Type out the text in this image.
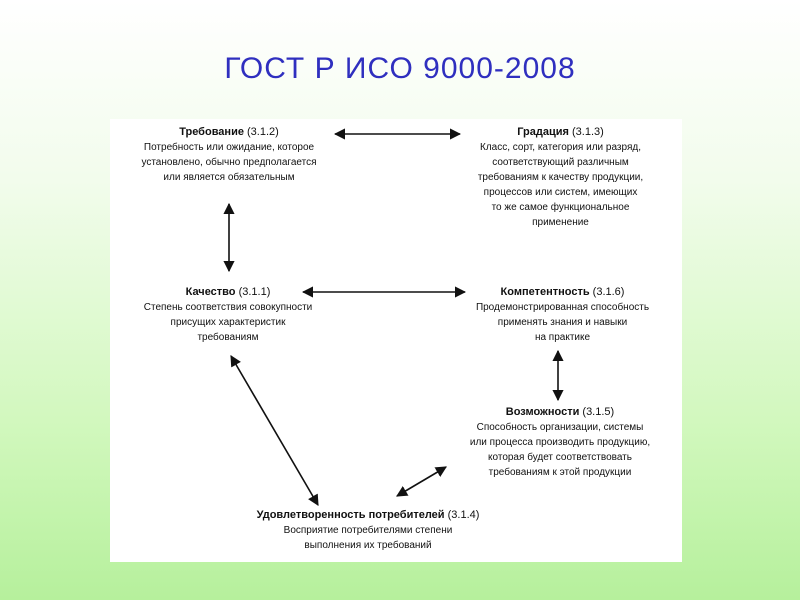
ГОСТ Р ИСО 9000-2008
Требование (3.1.2)
Потребность или ожидание, которое
установлено, обычно предполагается
или является обязательным
Градация (3.1.3)
Класс, сорт, категория или разряд,
соответствующий различным
требованиям к качеству продукции,
процессов или систем, имеющих
то же самое функциональное
применение
Качество (3.1.1)
Степень соответствия совокупности
присущих характеристик
требованиям
Компетентность (3.1.6)
Продемонстрированная способность
применять знания и навыки
на практике
Возможности (3.1.5)
Способность организации, системы
или процесса производить продукцию,
которая будет соответствовать
требованиям к этой продукции
Удовлетворенность потребителей (3.1.4)
Восприятие потребителями степени
выполнения их требований
